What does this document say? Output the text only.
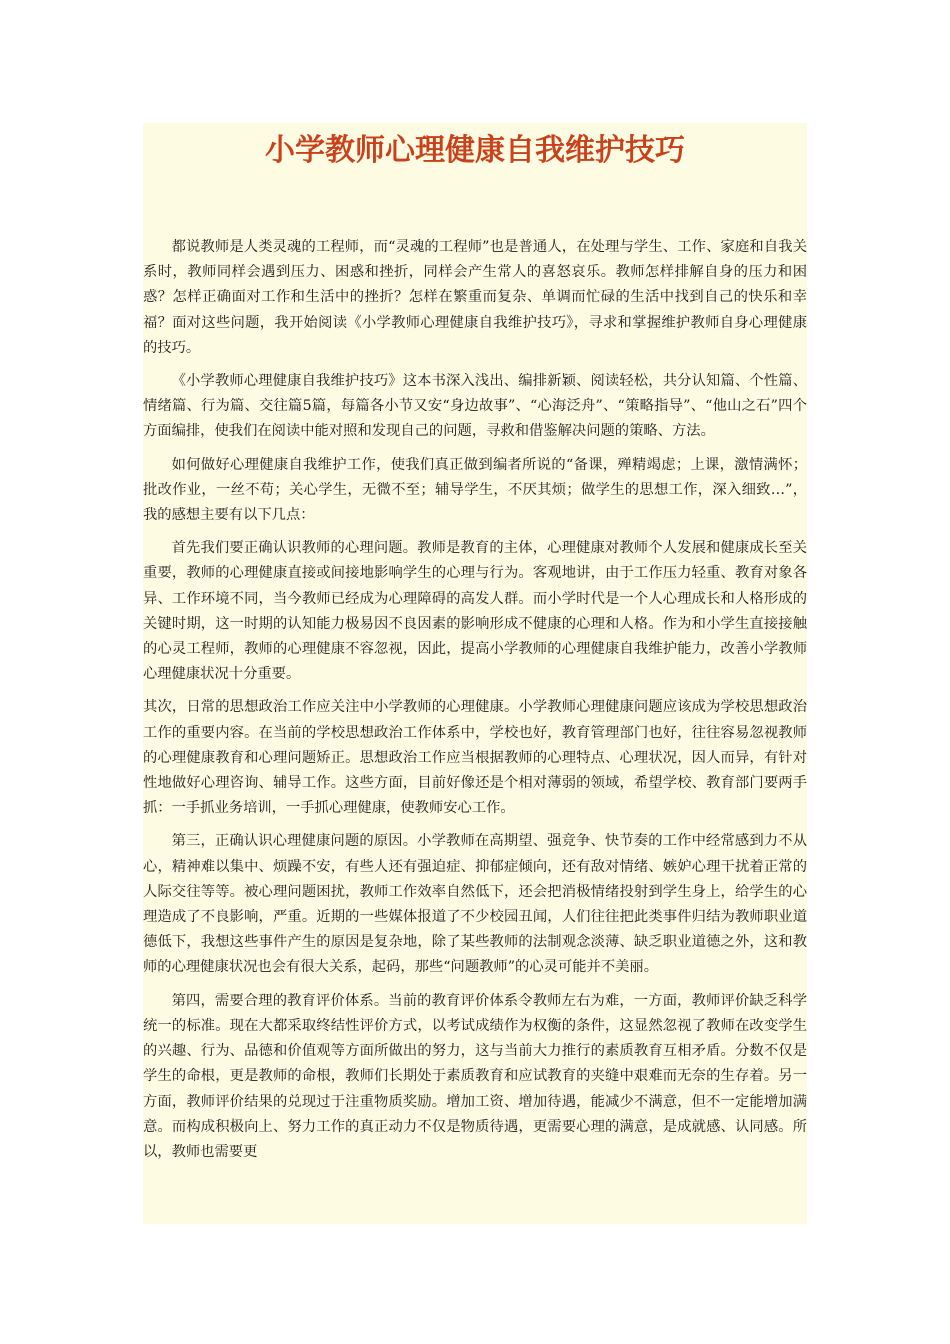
小学教师心理健康自我维护技巧

都说教师是人类灵魂的工程师，而“灵魂的工程师”也是普通人，在处理与学生、工作、家庭和自我关系时，教师同样会遇到压力、困惑和挫折，同样会产生常人的喜怒哀乐。教师怎样排解自身的压力和困惑？怎样正确面对工作和生活中的挫折？怎样在繁重而复杂、单调而忙碌的生活中找到自己的快乐和幸福？面对这些问题，我开始阅读《小学教师心理健康自我维护技巧》，寻求和掌握维护教师自身心理健康的技巧。

《小学教师心理健康自我维护技巧》这本书深入浅出、编排新颖、阅读轻松，共分认知篇、个性篇、情绪篇、行为篇、交往篇5篇，每篇各小节又安“身边故事”、“心海泛舟”、“策略指导”、“他山之石”四个方面编排，使我们在阅读中能对照和发现自己的问题，寻救和借鉴解决问题的策略、方法。

如何做好心理健康自我维护工作，使我们真正做到编者所说的“备课，殚精竭虑；上课，激情满怀；批改作业，一丝不苟；关心学生，无微不至；辅导学生，不厌其烦；做学生的思想工作，深入细致…”，我的感想主要有以下几点：

首先我们要正确认识教师的心理问题。教师是教育的主体，心理健康对教师个人发展和健康成长至关重要，教师的心理健康直接或间接地影响学生的心理与行为。客观地讲，由于工作压力轻重、教育对象各异、工作环境不同，当今教师已经成为心理障碍的高发人群。而小学时代是一个人心理成长和人格形成的关键时期，这一时期的认知能力极易因不良因素的影响形成不健康的心理和人格。作为和小学生直接接触的心灵工程师，教师的心理健康不容忽视，因此，提高小学教师的心理健康自我维护能力，改善小学教师心理健康状况十分重要。

其次，日常的思想政治工作应关注中小学教师的心理健康。小学教师心理健康问题应该成为学校思想政治工作的重要内容。在当前的学校思想政治工作体系中，学校也好，教育管理部门也好，往往容易忽视教师的心理健康教育和心理问题矫正。思想政治工作应当根据教师的心理特点、心理状况，因人而异，有针对性地做好心理咨询、辅导工作。这些方面，目前好像还是个相对薄弱的领域，希望学校、教育部门要两手抓：一手抓业务培训，一手抓心理健康，使教师安心工作。

第三，正确认识心理健康问题的原因。小学教师在高期望、强竞争、快节奏的工作中经常感到力不从心，精神难以集中、烦躁不安，有些人还有强迫症、抑郁症倾向，还有敌对情绪、嫉妒心理干扰着正常的人际交往等等。被心理问题困扰，教师工作效率自然低下，还会把消极情绪投射到学生身上，给学生的心理造成了不良影响，严重。近期的一些媒体报道了不少校园丑闻，人们往往把此类事件归结为教师职业道德低下，我想这些事件产生的原因是复杂地，除了某些教师的法制观念淡薄、缺乏职业道德之外，这和教师的心理健康状况也会有很大关系，起码，那些“问题教师”的心灵可能并不美丽。

第四，需要合理的教育评价体系。当前的教育评价体系令教师左右为难，一方面，教师评价缺乏科学统一的标准。现在大都采取终结性评价方式，以考试成绩作为权衡的条件，这显然忽视了教师在改变学生的兴趣、行为、品德和价值观等方面所做出的努力，这与当前大力推行的素质教育互相矛盾。分数不仅是学生的命根，更是教师的命根，教师们长期处于素质教育和应试教育的夹缝中艰难而无奈的生存着。另一方面，教师评价结果的兑现过于注重物质奖励。增加工资、增加待遇，能减少不满意，但不一定能增加满意。而构成积极向上、努力工作的真正动力不仅是物质待遇，更需要心理的满意，是成就感、认同感。所以，教师也需要更
